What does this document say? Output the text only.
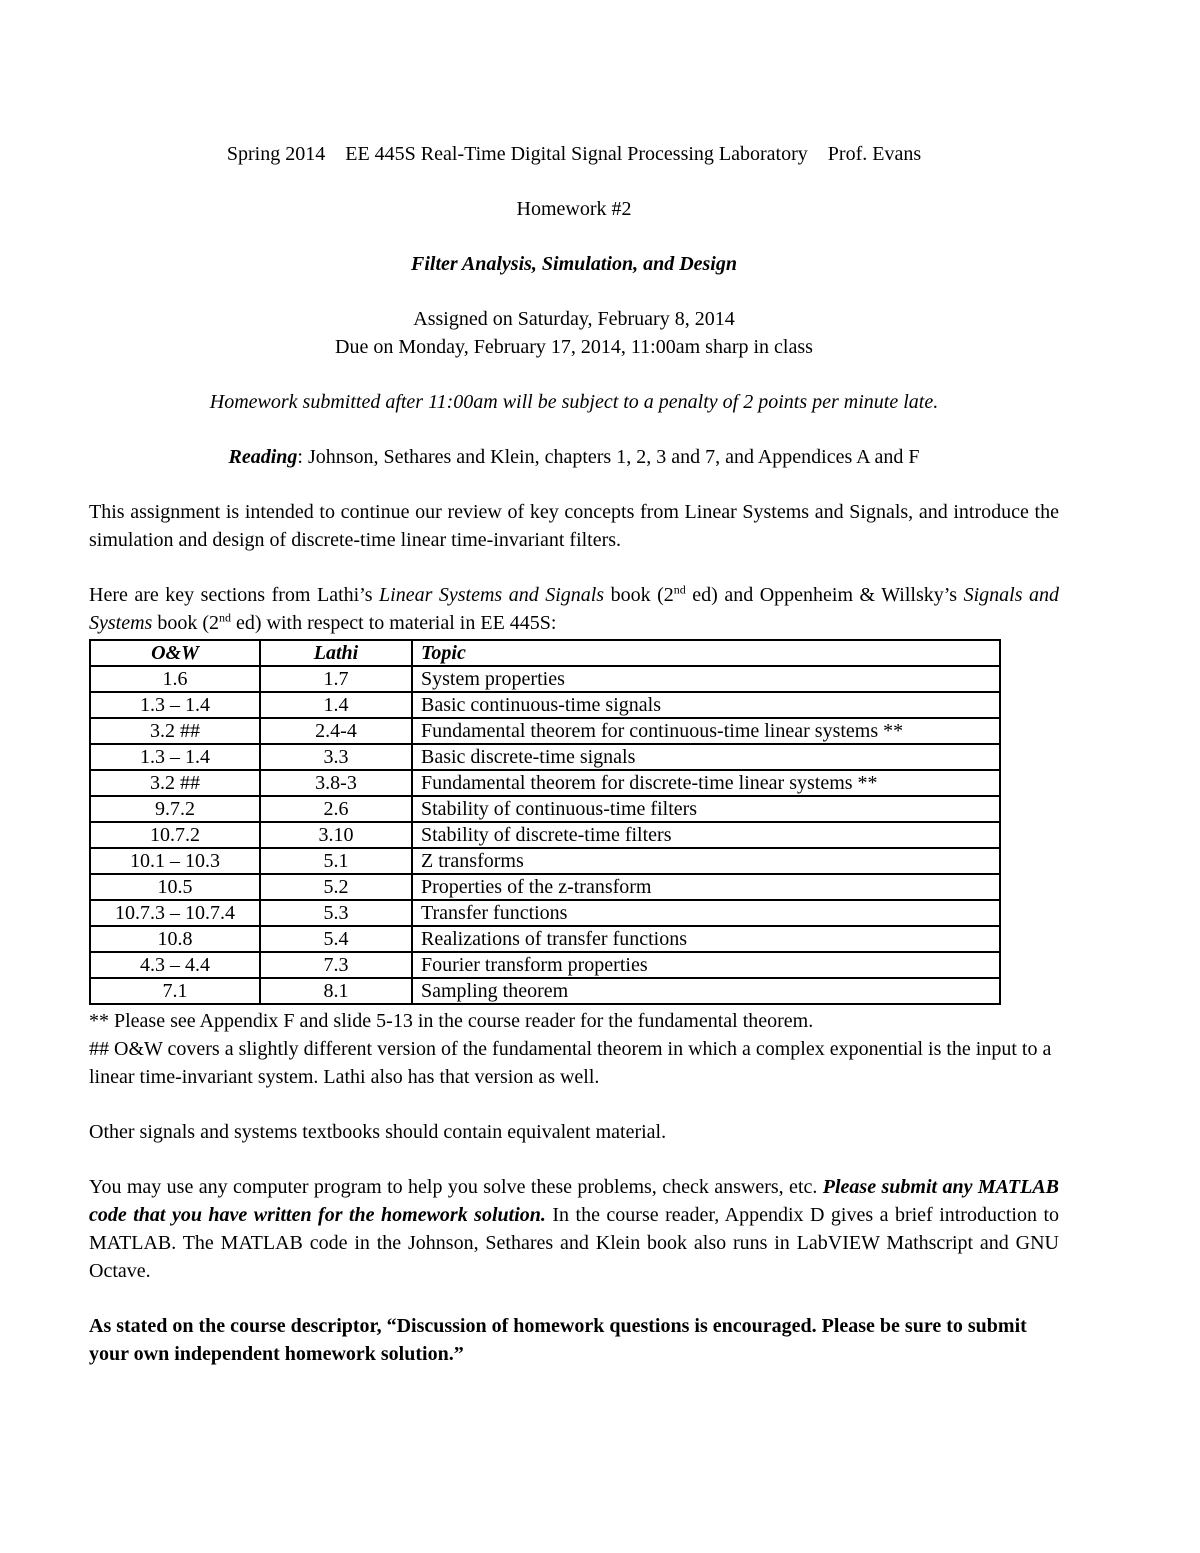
Spring 2014 EE 445S Real-Time Digital Signal Processing Laboratory Prof. Evans
Homework #2
Filter Analysis, Simulation, and Design
Assigned on Saturday, February 8, 2014
Due on Monday, February 17, 2014, 11:00am sharp in class
Homework submitted after 11:00am will be subject to a penalty of 2 points per minute late.
Reading: Johnson, Sethares and Klein, chapters 1, 2, 3 and 7, and Appendices A and F

This assignment is intended to continue our review of key concepts from Linear Systems and Signals, and introduce the simulation and design of discrete-time linear time-invariant filters.

Here are key sections from Lathi’s Linear Systems and Signals book (2nd ed) and Oppenheim & Willsky’s Signals and Systems book (2nd ed) with respect to material in EE 445S:

O&W	Lathi	Topic
1.6	1.7	System properties
1.3 – 1.4	1.4	Basic continuous-time signals
3.2 ##	2.4-4	Fundamental theorem for continuous-time linear systems **
1.3 – 1.4	3.3	Basic discrete-time signals
3.2 ##	3.8-3	Fundamental theorem for discrete-time linear systems **
9.7.2	2.6	Stability of continuous-time filters
10.7.2	3.10	Stability of discrete-time filters
10.1 – 10.3	5.1	Z transforms
10.5	5.2	Properties of the z-transform
10.7.3 – 10.7.4	5.3	Transfer functions
10.8	5.4	Realizations of transfer functions
4.3 – 4.4	7.3	Fourier transform properties
7.1	8.1	Sampling theorem
** Please see Appendix F and slide 5-13 in the course reader for the fundamental theorem.
## O&W covers a slightly different version of the fundamental theorem in which a complex exponential is the input to a linear time-invariant system. Lathi also has that version as well.

Other signals and systems textbooks should contain equivalent material.

You may use any computer program to help you solve these problems, check answers, etc. Please submit any MATLAB code that you have written for the homework solution. In the course reader, Appendix D gives a brief introduction to MATLAB. The MATLAB code in the Johnson, Sethares and Klein book also runs in LabVIEW Mathscript and GNU Octave.

As stated on the course descriptor, “Discussion of homework questions is encouraged. Please be sure to submit your own independent homework solution.”
